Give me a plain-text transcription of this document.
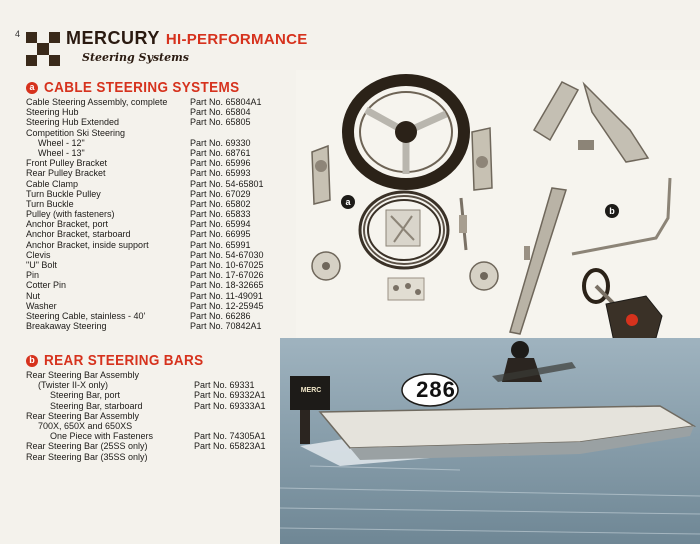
4	MERCURY HI-PERFORMANCE
Steering Systems
a CABLE STEERING SYSTEMS
Cable Steering Assembly, complete	Part No. 65804A1
Steering Hub	Part No. 65804
Steering Hub Extended	Part No. 65805
Competition Ski Steering
Wheel - 12"	Part No. 69330
Wheel - 13"	Part No. 68761
Front Pulley Bracket	Part No. 65996
Rear Pulley Bracket	Part No. 65993
Cable Clamp	Part No. 54-65801
Turn Buckle Pulley	Part No. 67029
Turn Buckle	Part No. 65802
Pulley (with fasteners)	Part No. 65833
Anchor Bracket, port	Part No. 65994
Anchor Bracket, starboard	Part No. 66995
Anchor Bracket, inside support	Part No. 65991
Clevis	Part No. 54-67030
"U" Bolt	Part No. 10-67025
Pin	Part No. 17-67026
Cotter Pin	Part No. 18-32665
Nut	Part No. 11-49091
Washer	Part No. 12-25945
Steering Cable, stainless - 40'	Part No. 66286
Breakaway Steering	Part No. 70842A1
b REAR STEERING BARS
Rear Steering Bar Assembly
(Twister II-X only)	Part No. 69331
Steering Bar, port	Part No. 69332A1
Steering Bar, starboard	Part No. 69333A1
Rear Steering Bar Assembly
700X, 650X and 650XS
One Piece with Fasteners	Part No. 74305A1
Rear Steering Bar (25SS only)	Part No. 65823A1
Rear Steering Bar (35SS only)
a
b
286
MERC
